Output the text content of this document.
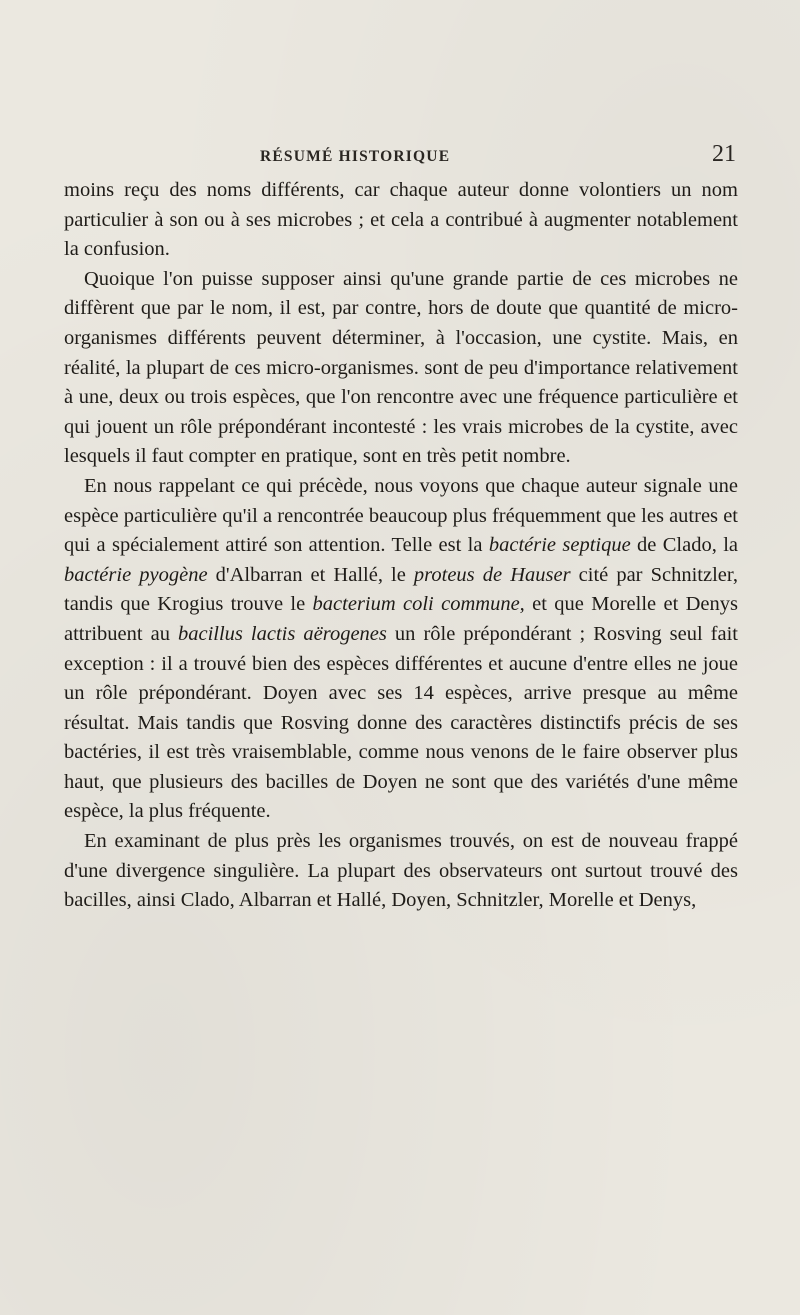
RÉSUMÉ HISTORIQUE	21

moins reçu des noms différents, car chaque auteur donne volontiers un nom particulier à son ou à ses microbes ; et cela a contribué à augmenter notablement la confusion.

Quoique l'on puisse supposer ainsi qu'une grande partie de ces microbes ne diffèrent que par le nom, il est, par contre, hors de doute que quantité de micro-organismes différents peuvent déterminer, à l'occasion, une cystite. Mais, en réalité, la plupart de ces micro-organismes. sont de peu d'importance relativement à une, deux ou trois espèces, que l'on rencontre avec une fréquence particulière et qui jouent un rôle prépondérant incontesté : les vrais microbes de la cystite, avec lesquels il faut compter en pratique, sont en très petit nombre.

En nous rappelant ce qui précède, nous voyons que chaque auteur signale une espèce particulière qu'il a rencontrée beaucoup plus fréquemment que les autres et qui a spécialement attiré son attention. Telle est la bactérie septique de Clado, la bactérie pyogène d'Albarran et Hallé, le proteus de Hauser cité par Schnitzler, tandis que Krogius trouve le bacterium coli commune, et que Morelle et Denys attribuent au bacillus lactis aërogenes un rôle prépondérant ; Rosving seul fait exception : il a trouvé bien des espèces différentes et aucune d'entre elles ne joue un rôle prépondérant. Doyen avec ses 14 espèces, arrive presque au même résultat. Mais tandis que Rosving donne des caractères distinctifs précis de ses bactéries, il est très vraisemblable, comme nous venons de le faire observer plus haut, que plusieurs des bacilles de Doyen ne sont que des variétés d'une même espèce, la plus fréquente.

En examinant de plus près les organismes trouvés, on est de nouveau frappé d'une divergence singulière. La plupart des observateurs ont surtout trouvé des bacilles, ainsi Clado, Albarran et Hallé, Doyen, Schnitzler, Morelle et Denys,
